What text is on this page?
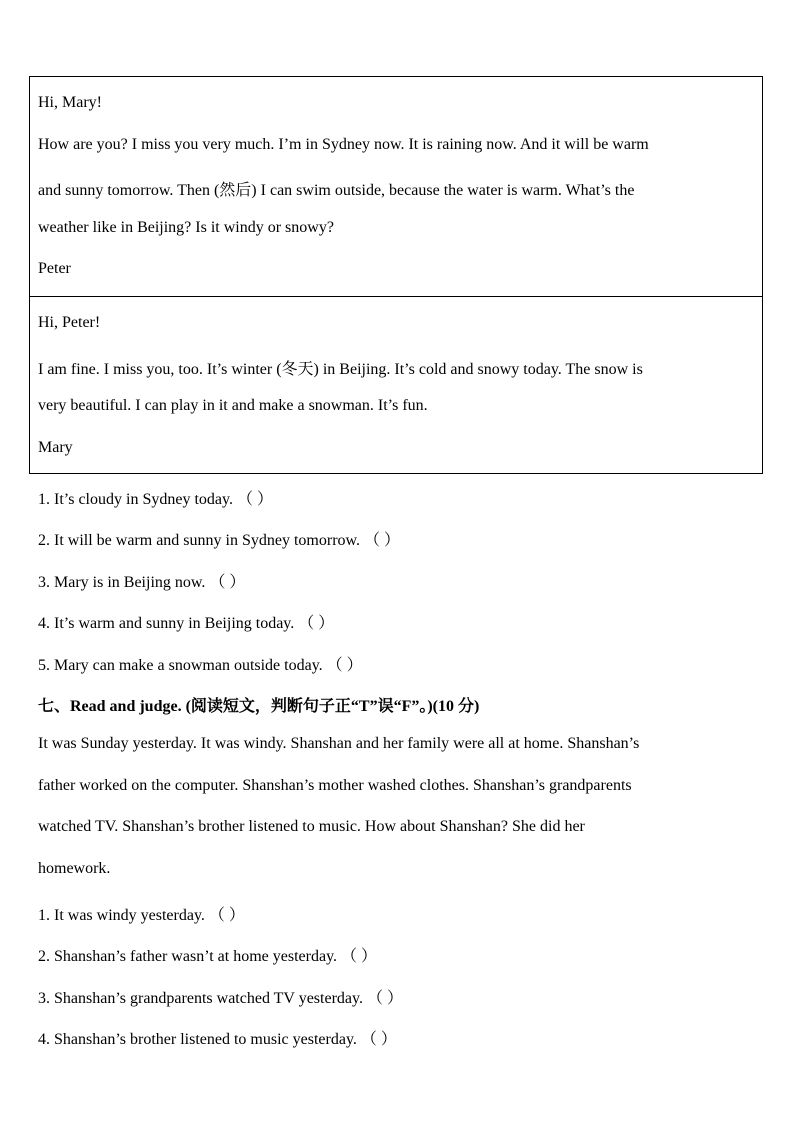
Hi, Mary!
How are you? I miss you very much. I’m in Sydney now. It is raining now. And it will be warm
and sunny tomorrow. Then (然后) I can swim outside, because the water is warm. What’s the
weather like in Beijing? Is it windy or snowy?
Peter
Hi, Peter!
I am fine. I miss you, too. It’s winter (冬天) in Beijing. It’s cold and snowy today. The snow is
very beautiful. I can play in it and make a snowman. It’s fun.
Mary
1. It’s cloudy in Sydney today. （ ）
2. It will be warm and sunny in Sydney tomorrow. （ ）
3. Mary is in Beijing now. （ ）
4. It’s warm and sunny in Beijing today. （ ）
5. Mary can make a snowman outside today. （ ）
七、Read and judge. (阅读短文，判断句子正“T”误“F”。)(10 分)
It was Sunday yesterday. It was windy. Shanshan and her family were all at home. Shanshan’s
father worked on the computer. Shanshan’s mother washed clothes. Shanshan’s grandparents
watched TV. Shanshan’s brother listened to music. How about Shanshan? She did her
homework.
1. It was windy yesterday. （ ）
2. Shanshan’s father wasn’t at home yesterday. （ ）
3. Shanshan’s grandparents watched TV yesterday. （ ）
4. Shanshan’s brother listened to music yesterday. （ ）
